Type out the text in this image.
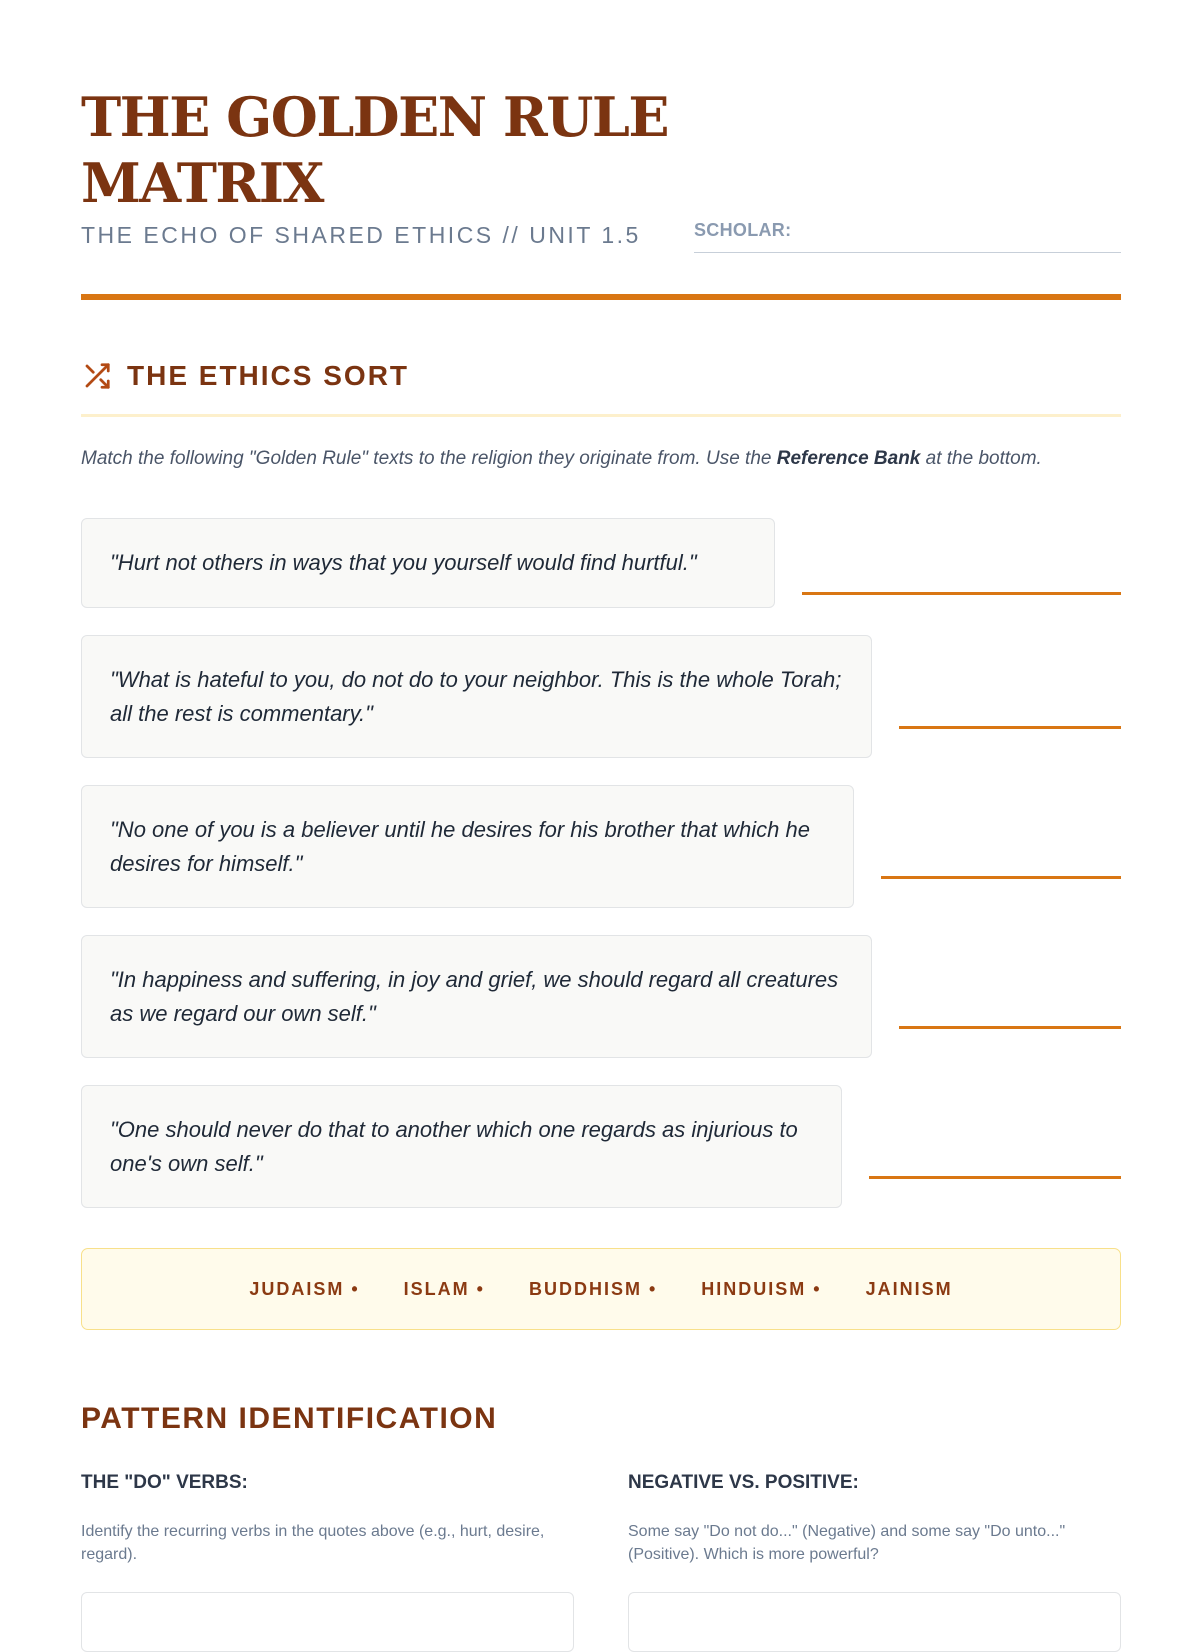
THE GOLDEN RULE
MATRIX
THE ECHO OF SHARED ETHICS // UNIT 1.5	SCHOLAR:
THE ETHICS SORT
Match the following "Golden Rule" texts to the religion they originate from. Use the Reference Bank at the bottom.
"Hurt not others in ways that you yourself would find hurtful."
"What is hateful to you, do not do to your neighbor. This is the whole Torah; all the rest is commentary."
"No one of you is a believer until he desires for his brother that which he desires for himself."
"In happiness and suffering, in joy and grief, we should regard all creatures as we regard our own self."
"One should never do that to another which one regards as injurious to one's own self."
JUDAISM • ISLAM • BUDDHISM • HINDUISM • JAINISM
PATTERN IDENTIFICATION
THE "DO" VERBS:
Identify the recurring verbs in the quotes above (e.g., hurt, desire, regard).
NEGATIVE VS. POSITIVE:
Some say "Do not do..." (Negative) and some say "Do unto..." (Positive). Which is more powerful?
